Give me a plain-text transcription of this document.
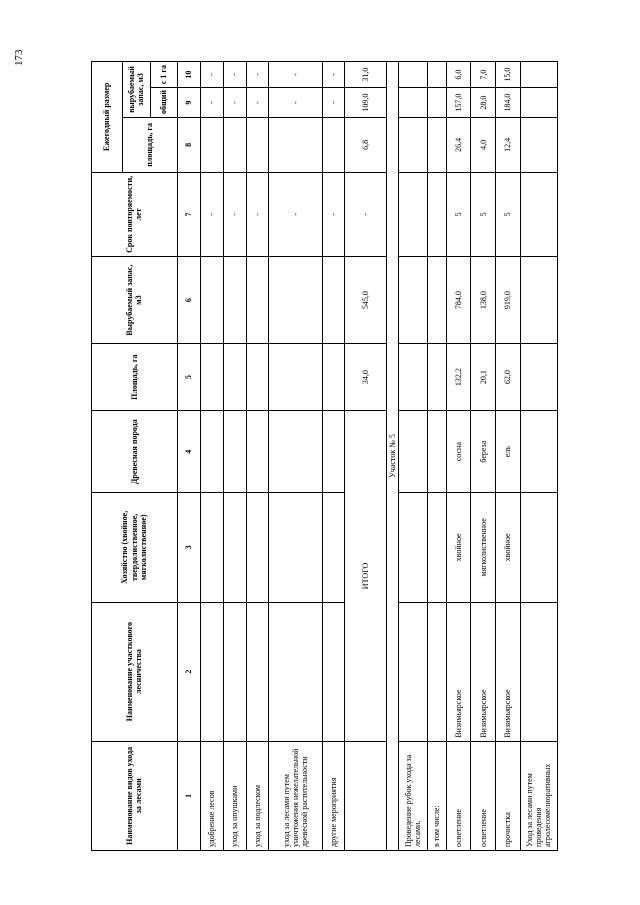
173
Наименование видов ухода за лесами	Наименование участкового лесничества	Хозяйство (хвойное, твердолиственное, мягколиственное)	Древесная порода	Площадь, га	Вырубаемый запас, м3	Срок повторяемости, лет	Ежегодный размер		
							площадь, га	вырубаемый запас, м3	
								общий	с 1 га
1	2	3	4	5	6	7	8	9	10
удобрение лесов						-		-	-
уход за опушками						-		-	-
уход за подлеском						-		-	-
уход за лесами путем уничтожения нежелательной древесной растительности						-		-	-
другие мероприятия						-		-	-
	ИТОГО			34,0	545,0	-	6,8	109,0	31,0
Участок № 5									
Проведение рубок ухода за лесами,									
в том числе:									
осветление	Визимьярское	хвойное	сосна	132,2	784,0	5	26,4	157,0	6,0
осветление	Визимьярское	мягколиственное	береза	20,1	138,0	5	4,0	28,0	7,0
прочистка	Визимьярское	хвойное	ель	62,0	919,0	5	12,4	184,0	15,0
Уход за лесами путем проведения агролесомелиоративных									
